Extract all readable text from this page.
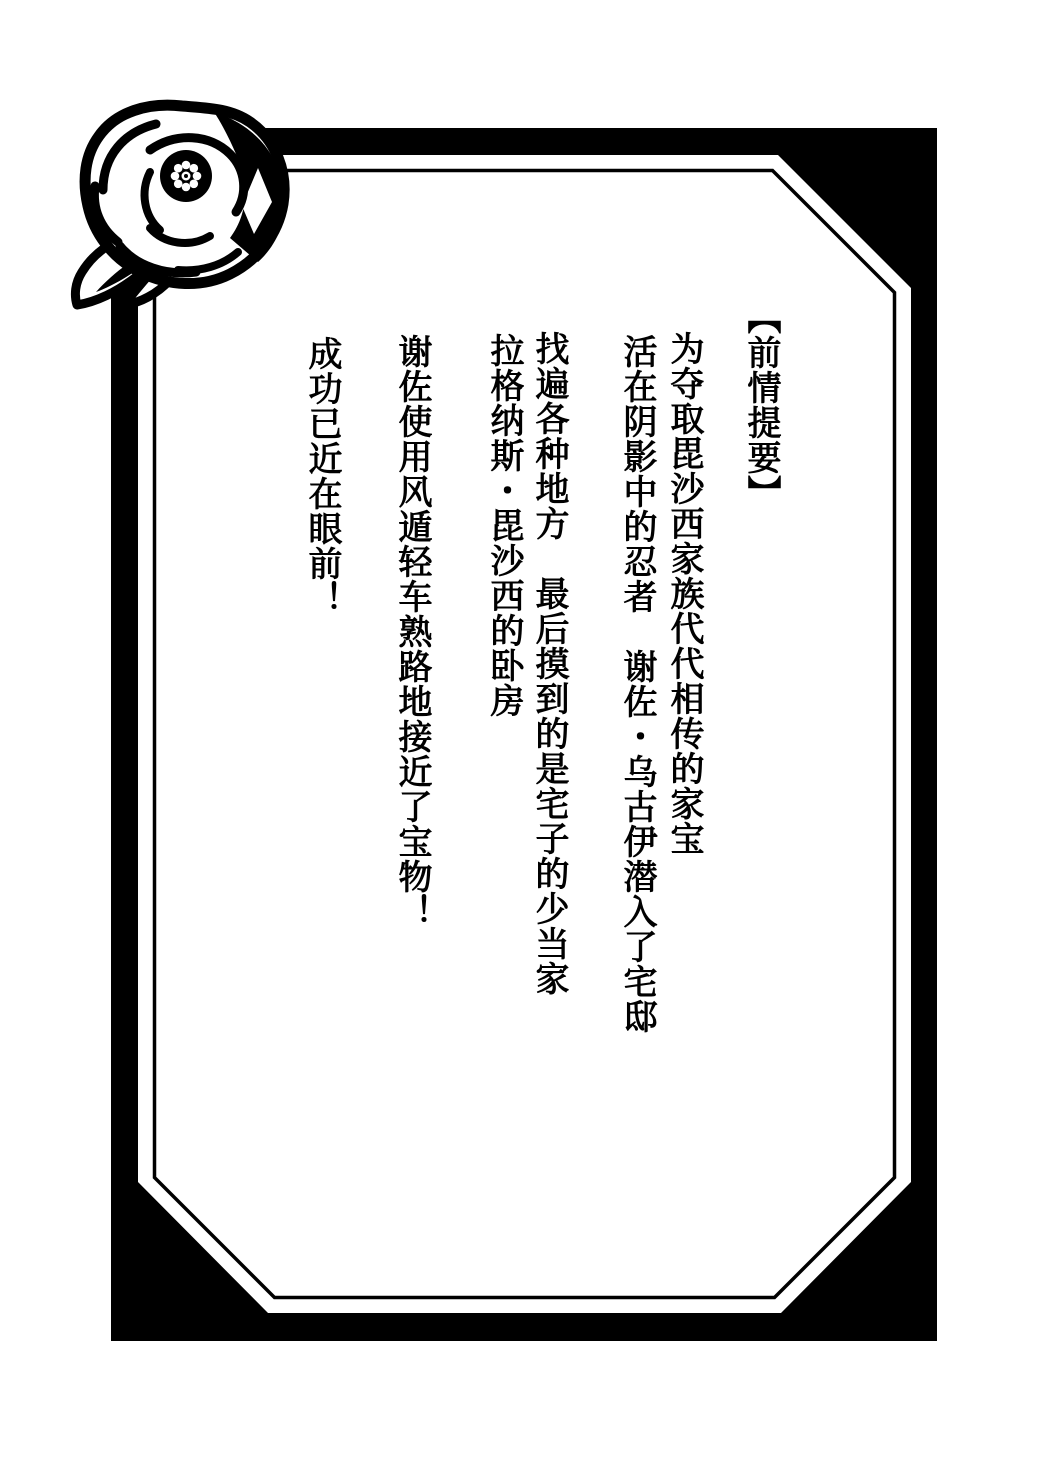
【前情提要】
为夺取毘沙西家族代代相传的家宝
活在阴影中的忍者　谢佐・乌古伊潜入了宅邸
找遍各种地方　最后摸到的是宅子的少当家
拉格纳斯・毘沙西的卧房
谢佐使用风遁轻车熟路地接近了宝物！
成功已近在眼前！
